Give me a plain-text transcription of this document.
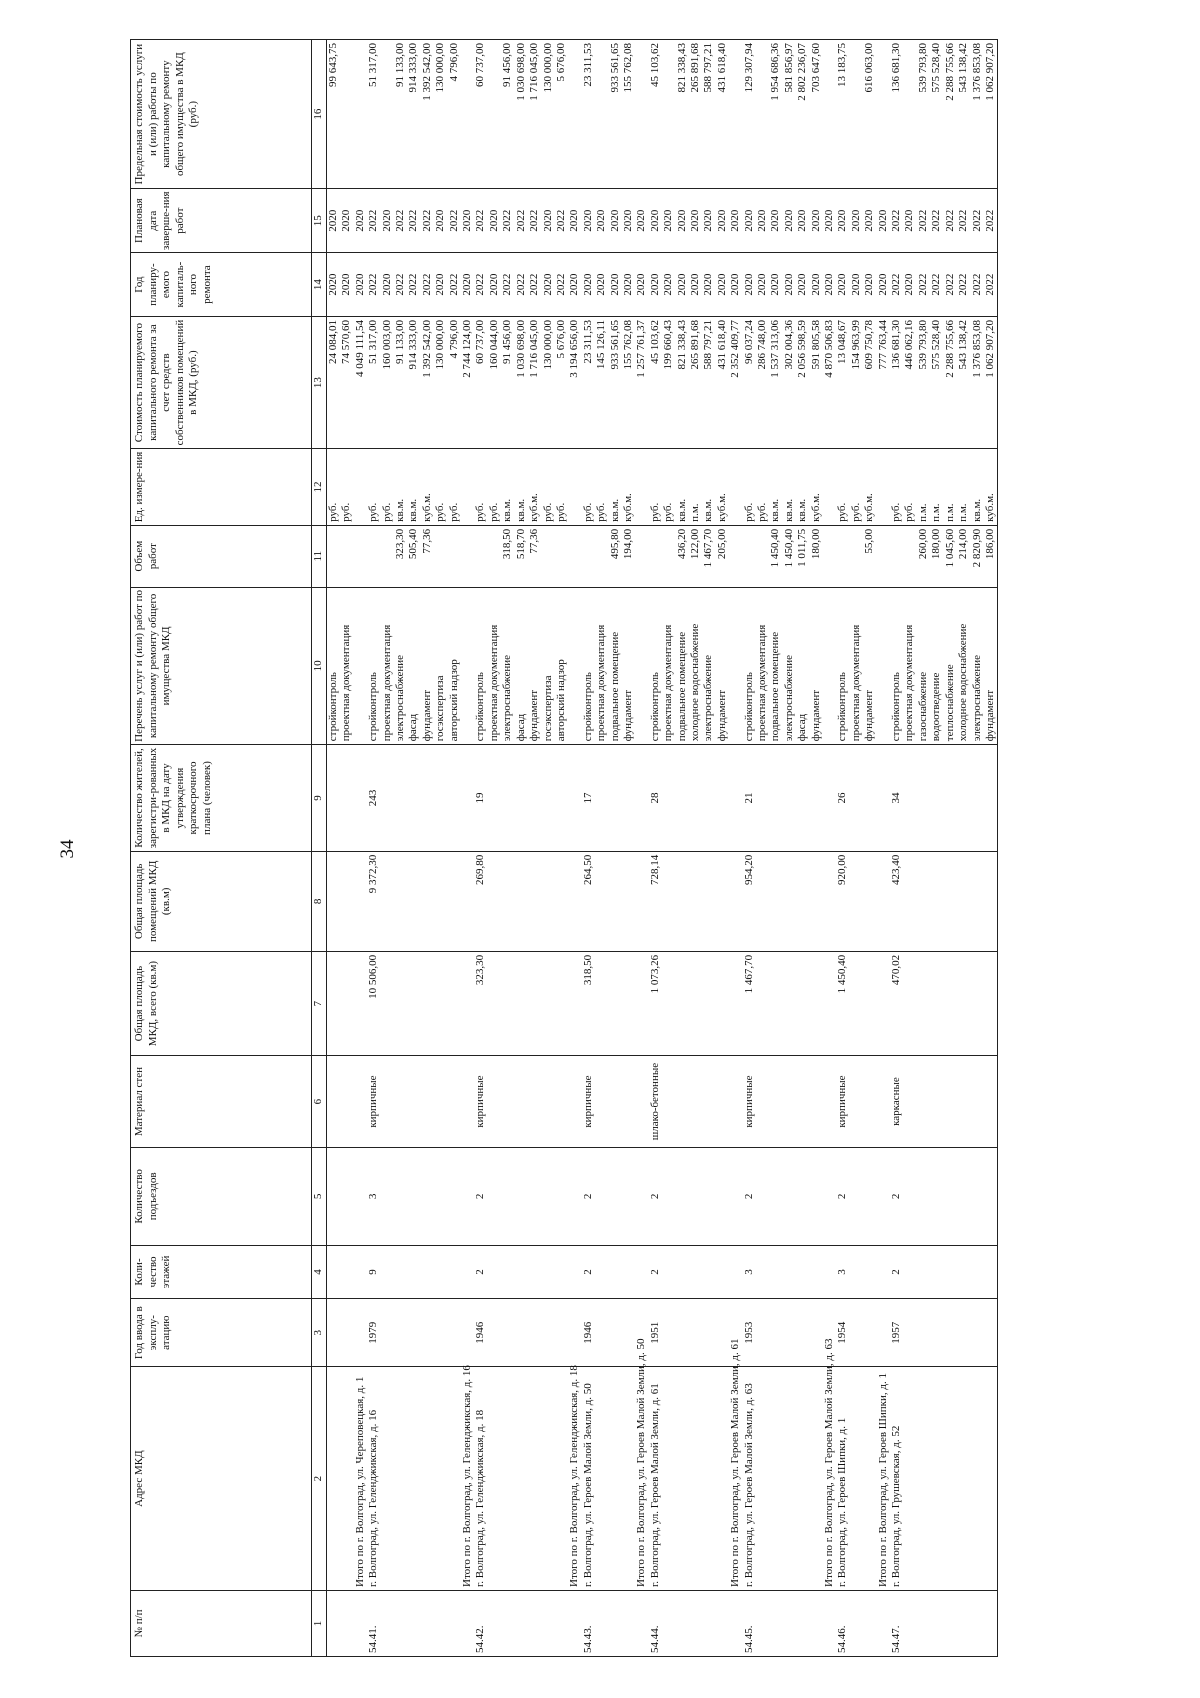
34
№ п/п	Адрес МКД	Год ввода в эксплу-атацию	Коли-чество этажей	Количество подъездов	Материал стен	Общая площадь МКД, всего (кв.м)	Общая площадь помещений МКД (кв.м)	Количество жителей, зарегистри-рованных в МКД на дату утверждения краткосрочного плана (человек)	Перечень услуг и (или) работ по капитальному ремонту общего имущества МКД	Объем работ	Ед. измере-ния	Стоимость планируемого капитального ремонта за счет средств собственников помещений в МКД, (руб.)	Год планиру-емого капиталь-ного ремонта	Плановая дата заверше-ния работ	Предельная стоимость услуги и (или) работы по капитальному ремонту общего имущества в МКД (руб.)
1	2	3	4	5	6	7	8	9	10	11	12	13	14	15	16
									стройконтроль		руб.	24 084,01	2020	2020	99 643,75
									проектная документация		руб.	74 570,60	2020	2020	
	Итого по г. Волгоград, ул. Череповецкая, д. 1											4 049 111,54	2020	2020	
54.41.	г. Волгоград, ул. Геленджикская, д. 16	1979	9	3	кирпичные	10 506,00	9 372,30	243	стройконтроль		руб.	51 317,00	2022	2022	51 317,00
									проектная документация		руб.	160 003,00	2020	2020	
									электроснабжение	323,30	кв.м.	91 133,00	2022	2022	91 133,00
									фасад	505,40	кв.м.	914 333,00	2022	2022	914 333,00
									фундамент	77,36	куб.м.	1 392 542,00	2022	2022	1 392 542,00
									госэкспертиза		руб.	130 000,00	2020	2020	130 000,00
									авторский надзор		руб.	4 796,00	2022	2022	4 796,00
	Итого по г. Волгоград, ул. Геленджикская, д. 16											2 744 124,00	2020	2020	
54.42.	г. Волгоград, ул. Геленджикская, д. 18	1946	2	2	кирпичные	323,30	269,80	19	стройконтроль		руб.	60 737,00	2022	2022	60 737,00
									проектная документация		руб.	160 044,00	2020	2020	
									электроснабжение	318,50	кв.м.	91 456,00	2022	2022	91 456,00
									фасад	518,70	кв.м.	1 030 698,00	2022	2022	1 030 698,00
									фундамент	77,36	куб.м.	1 716 045,00	2022	2022	1 716 045,00
									госэкспертиза		руб.	130 000,00	2020	2020	130 000,00
									авторский надзор		руб.	5 676,00	2022	2022	5 676,00
	Итого по г. Волгоград, ул. Геленджикская, д. 18											3 194 656,00	2020	2020	
54.43.	г. Волгоград, ул. Героев Малой Земли, д. 50	1946	2	2	кирпичные	318,50	264,50	17	стройконтроль		руб.	23 311,53	2020	2020	23 311,53
									проектная документация		руб.	145 126,11	2020	2020	
									подвальное помещение	495,80	кв.м.	933 561,65	2020	2020	933 561,65
									фундамент	194,00	куб.м.	155 762,08	2020	2020	155 762,08
	Итого по г. Волгоград, ул. Героев Малой Земли, д. 50											1 257 761,37	2020	2020	
54.44.	г. Волгоград, ул. Героев Малой Земли, д. 61	1951	2	2	шлако-бетонные	1 073,26	728,14	28	стройконтроль		руб.	45 103,62	2020	2020	45 103,62
									проектная документация		руб.	199 660,43	2020	2020	
									подвальное помещение	436,20	кв.м.	821 338,43	2020	2020	821 338,43
									холодное водоснабжение	122,00	п.м.	265 891,68	2020	2020	265 891,68
									электроснабжение	1 467,70	кв.м.	588 797,21	2020	2020	588 797,21
									фундамент	205,00	куб.м.	431 618,40	2020	2020	431 618,40
	Итого по г. Волгоград, ул. Героев Малой Земли, д. 61											2 352 409,77	2020	2020	
54.45.	г. Волгоград, ул. Героев Малой Земли, д. 63	1953	3	2	кирпичные	1 467,70	954,20	21	стройконтроль		руб.	96 037,24	2020	2020	129 307,94
									проектная документация		руб.	286 748,00	2020	2020	
									подвальное помещение	1 450,40	кв.м.	1 537 313,06	2020	2020	1 954 686,36
									электроснабжение	1 450,40	кв.м.	302 004,36	2020	2020	581 856,97
									фасад	1 011,75	кв.м.	2 056 598,59	2020	2020	2 802 236,07
									фундамент	180,00	куб.м.	591 805,58	2020	2020	703 647,60
	Итого по г. Волгоград, ул. Героев Малой Земли, д. 63											4 870 506,83	2020	2020	
54.46.	г. Волгоград, ул. Героев Шипки, д. 1	1954	3	2	кирпичные	1 450,40	920,00	26	стройконтроль		руб.	13 048,67	2020	2020	13 183,75
									проектная документация		руб.	154 963,99	2020	2020	
									фундамент	55,00	куб.м.	609 750,78	2020	2020	616 063,00
	Итого по г. Волгоград, ул. Героев Шипки, д. 1											777 763,44	2020	2020	
54.47.	г. Волгоград, ул. Грушевская, д. 52	1957	2	2	каркасные	470,02	423,40	34	стройконтроль		руб.	136 681,30	2022	2022	136 681,30
									проектная документация		руб.	446 062,16	2020	2020	
									газоснабжение	260,00	п.м.	539 793,80	2022	2022	539 793,80
									водоотведение	180,00	п.м.	575 528,40	2022	2022	575 528,40
									теплоснабжение	1 045,60	п.м.	2 288 755,66	2022	2022	2 288 755,66
									холодное водоснабжение	214,00	п.м.	543 138,42	2022	2022	543 138,42
									электроснабжение	2 820,90	кв.м.	1 376 853,08	2022	2022	1 376 853,08
									фундамент	186,00	куб.м.	1 062 907,20	2022	2022	1 062 907,20
